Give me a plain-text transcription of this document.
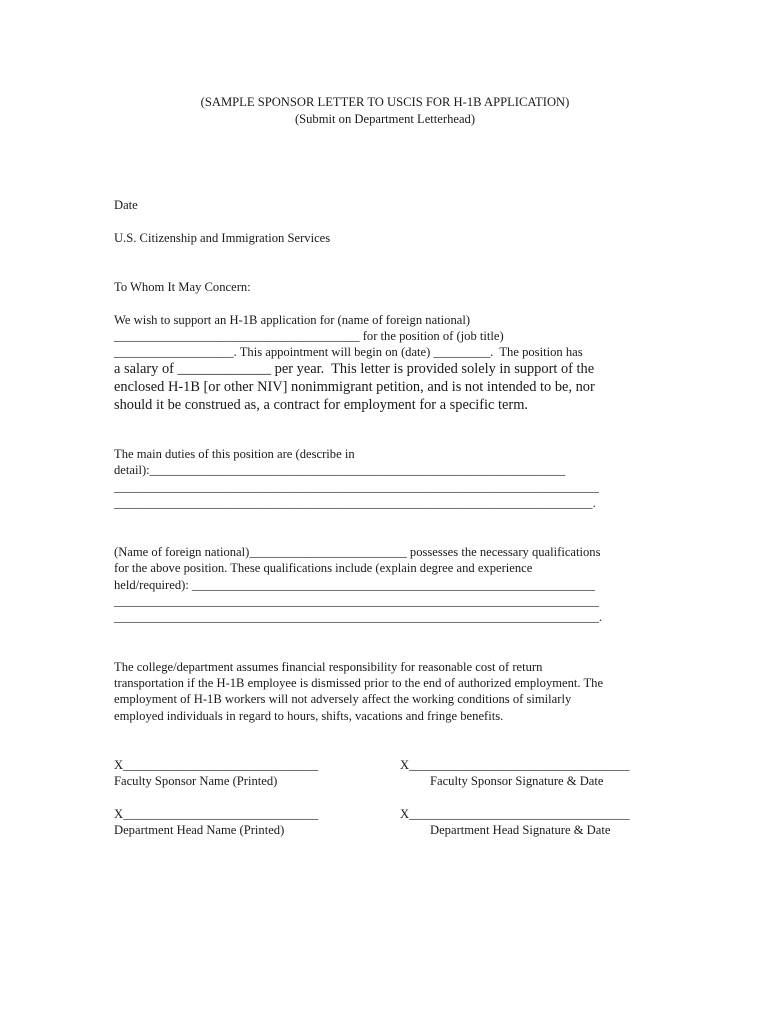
(SAMPLE SPONSOR LETTER TO USCIS FOR H-1B APPLICATION)

(Submit on Department Letterhead)

Date

U.S. Citizenship and Immigration Services

To Whom It May Concern:

We wish to support an H-1B application for (name of foreign national)

_______________________________________ for the position of (job title)

___________________. This appointment will begin on (date) _________.  The position has

a salary of _____________ per year.  This letter is provided solely in support of the

enclosed H-1B [or other NIV] nonimmigrant petition, and is not intended to be, nor

should it be construed as, a contract for employment for a specific term.

The main duties of this position are (describe in

detail):__________________________________________________________________

_____________________________________________________________________________

____________________________________________________________________________.

(Name of foreign national)_________________________ possesses the necessary qualifications

for the above position. These qualifications include (explain degree and experience

held/required): ________________________________________________________________

_____________________________________________________________________________

_____________________________________________________________________________.

The college/department assumes financial responsibility for reasonable cost of return

transportation if the H-1B employee is dismissed prior to the end of authorized employment. The

employment of H-1B workers will not adversely affect the working conditions of similarly

employed individuals in regard to hours, shifts, vacations and fringe benefits.

X_______________________________	X___________________________________

Faculty Sponsor Name (Printed)	Faculty Sponsor Signature & Date

X_______________________________	X___________________________________

Department Head Name (Printed)	Department Head Signature & Date
